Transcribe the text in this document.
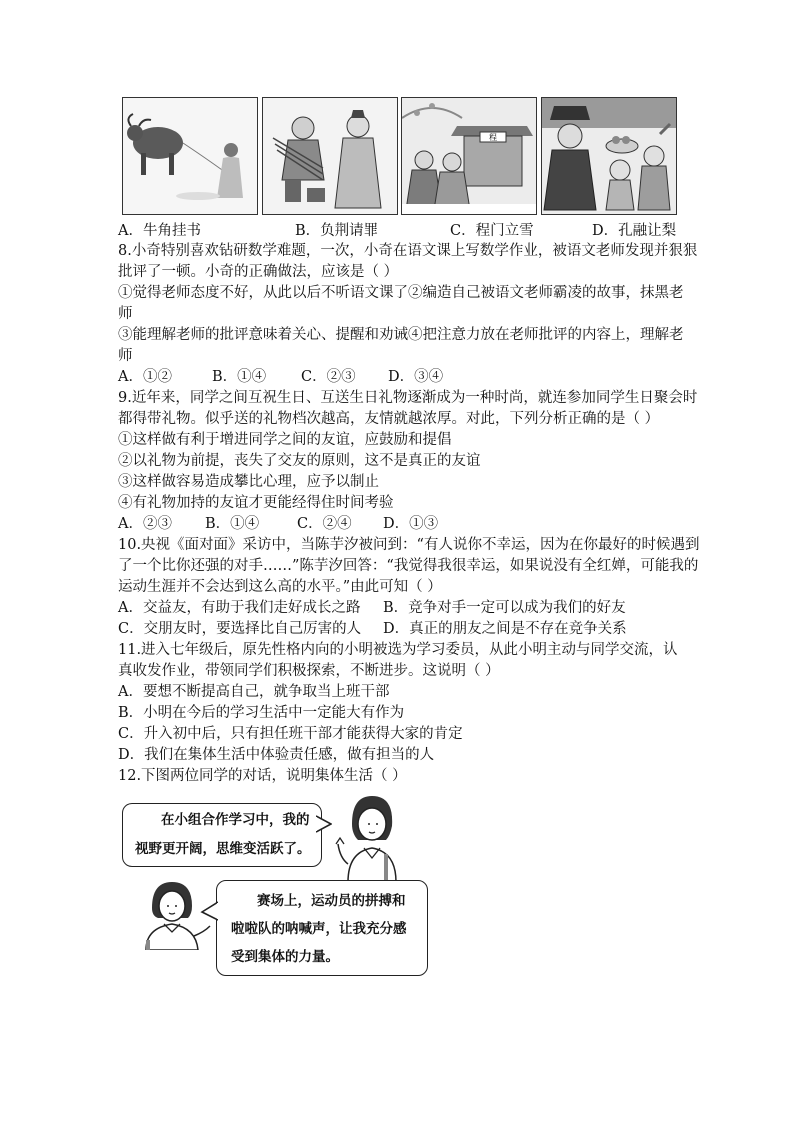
程
A．牛角挂书	B．负荆请罪	C．程门立雪	D．孔融让梨
8.小奇特别喜欢钻研数学难题，一次，小奇在语文课上写数学作业，被语文老师发现并狠狠
批评了一顿。小奇的正确做法，应该是（ ）
①觉得老师态度不好，从此以后不听语文课了②编造自己被语文老师霸凌的故事，抹黑老
师
③能理解老师的批评意味着关心、提醒和劝诫④把注意力放在老师批评的内容上，理解老
师
A．①②	B．①④ C．②③ D．③④
9.近年来，同学之间互祝生日、互送生日礼物逐渐成为一种时尚，就连参加同学生日聚会时
都得带礼物。似乎送的礼物档次越高，友情就越浓厚。对此，下列分析正确的是（ ）
①这样做有利于增进同学之间的友谊，应鼓励和提倡
②以礼物为前提，丧失了交友的原则，这不是真正的友谊
③这样做容易造成攀比心理，应予以制止
④有礼物加持的友谊才更能经得住时间考验
A．②③ B．①④	C．②④ D．①③
10.央视《面对面》采访中，当陈芋汐被问到：“有人说你不幸运，因为在你最好的时候遇到
了一个比你还强的对手……”陈芋汐回答：“我觉得我很幸运，如果说没有全红婵，可能我的
运动生涯并不会达到这么高的水平。”由此可知（ ）
A．交益友，有助于我们走好成长之路 B．竞争对手一定可以成为我们的好友
C．交朋友时，要选择比自己厉害的人 D．真正的朋友之间是不存在竞争关系
11.进入七年级后，原先性格内向的小明被选为学习委员，从此小明主动与同学交流，认
真收发作业，带领同学们积极探索，不断进步。这说明（ ）
A．要想不断提高自己，就争取当上班干部
B．小明在今后的学习生活中一定能大有作为
C．升入初中后，只有担任班干部才能获得大家的肯定
D．我们在集体生活中体验责任感，做有担当的人
12.下图两位同学的对话，说明集体生活（ ）
在小组合作学习中，我的
视野更开阔，思维变活跃了。
赛场上，运动员的拼搏和
啦啦队的呐喊声，让我充分感
受到集体的力量。
